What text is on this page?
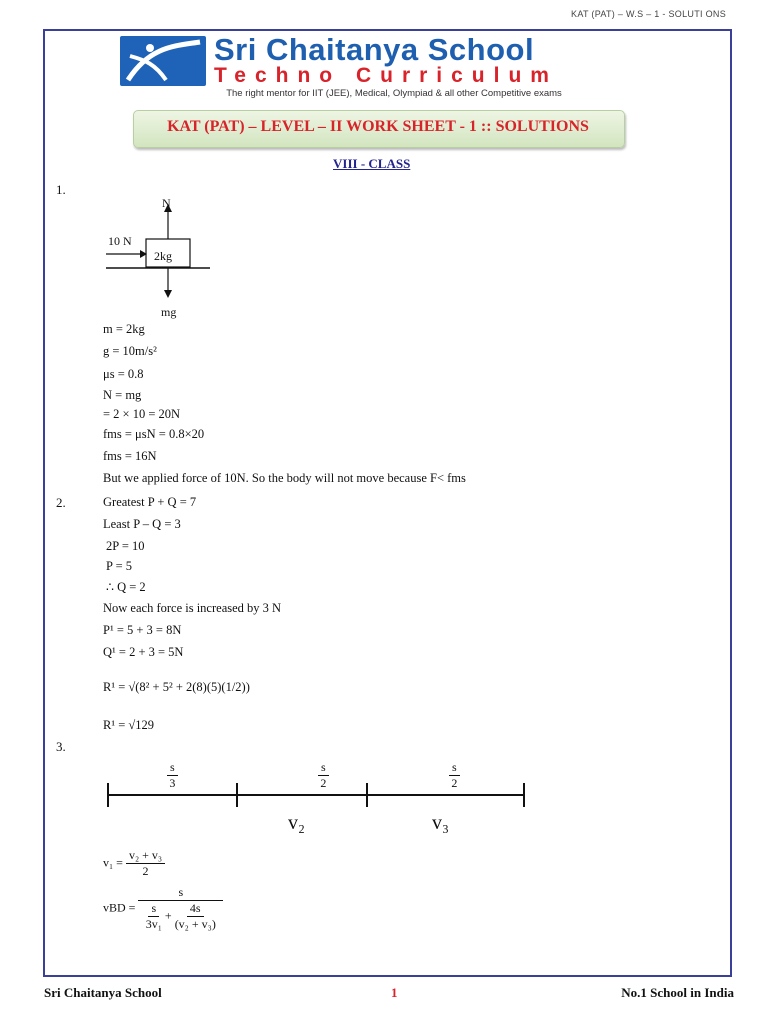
KAT (PAT) – W.S – 1 - SOLUTI ONS
Sri Chaitanya School
Techno Curriculum
The right mentor for IIT (JEE), Medical, Olympiad & all other Competitive exams
KAT (PAT) – LEVEL – II WORK SHEET - 1 :: SOLUTIONS
VIII - CLASS
1.
N
10 N
2kg
mg
m = 2kg
g = 10m/s²
μs = 0.8
N = mg
= 2 × 10 = 20N
fms = μsN = 0.8×20
fms = 16N
But we applied force of 10N. So the body will not move because F< fms
2.	Greatest P + Q = 7
Least P – Q = 3
2P = 10
P = 5
∴ Q = 2
Now each force is increased by 3 N
P¹ = 5 + 3 = 8N
Q¹ = 2 + 3 = 5N
R¹ = √(8² + 5² + 2(8)(5)(1/2))
R¹ = √129
3.
$\frac{s}{3}$	$\frac{s}{2}$	$\frac{s}{2}$
v₂	v₃
$v_1 = \frac{\text{v₂ + v₃}}{2}$
vBD = $\frac{s}{\frac{s}{\text{3v₁}} + \frac{4s}{\text{(v₂ + v₃)}}}$
Sri Chaitanya School	1	No.1 School in India
